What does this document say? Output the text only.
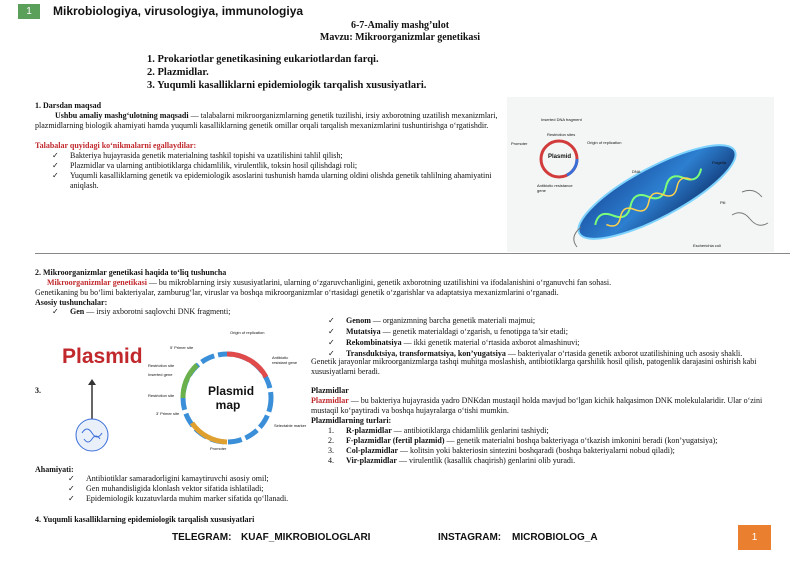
1	Mikrobiologiya, virusologiya, immunologiya
6-7-Amaliy mashg’ulot
Mavzu: Mikroorganizmlar genetikasi
1. Prokariotlar genetikasining eukariotlardan farqi.
2. Plazmidlar.
3. Yuqumli kasalliklarni epidemiologik tarqalish xususiyatlari.
1. Darsdan maqsad
Ushbu amaliy mashg‘ulotning maqsadi — talabalarni mikroorganizmlarning genetik tuzilishi, irsiy axborotning uzatilish mexanizmlari, plazmidlarning biologik ahamiyati hamda yuqumli kasalliklarning genetik omillar orqali tarqalish mexanizmlarini tushuntirishga o‘rgatishdir.
Talabalar quyidagi ko‘nikmalarni egallaydilar:
✓ Bakteriya hujayrasida genetik materialning tashkil topishi va uzatilishini tahlil qilish;
✓ Plazmidlar va ularning antibiotiklarga chidamlilik, virulentlik, toksin hosil qilishdagi roli;
✓ Yuqumli kasalliklarning genetik va epidemiologik asoslarini tushunish hamda ularning oldini olishda genetik tahlilning ahamiyatini aniqlash.
Inserted DNA fragment
Restriction sites
Origin of replication
Plasmid
Promoter
Antibiotic resistance gene
DNA
Flagella
Pili
Escherichia coli
2. Mikroorganizmlar genetikasi haqida to‘liq tushuncha
Mikroorganizmlar genetikasi — bu mikroblarning irsiy xususiyatlarini, ularning o‘zgaruvchanligini, genetik axborotning uzatilishini va ifodalanishini o‘rganuvchi fan sohasi.
Genetikaning bu bo‘limi bakteriyalar, zamburug‘lar, viruslar va boshqa mikroorganizmlar o‘rtasidagi genetik o‘zgarishlar va adaptatsiya mexanizmlarini o‘rganadi.
Asosiy tushunchalar:
✓ Gen — irsiy axborotni saqlovchi DNK fragmenti;
✓ Genom — organizmning barcha genetik materiali majmui;
✓ Mutatsiya — genetik materialdagi o‘zgarish, u fenotipga ta’sir etadi;
✓ Rekombinatsiya — ikki genetik material o‘rtasida axborot almashinuvi;
✓ Transduktsiya, transformatsiya, kon’yugatsiya — bakteriyalar o‘rtasida genetik axborot uzatilishining uch asosiy shakli.
Genetik jarayonlar mikroorganizmlarga tashqi muhitga moslashish, antibiotiklarga qarshilik hosil qilish, patogenlik darajasini oshirish kabi xususiyatlarni beradi.
3.
Plasmid
Plasmid
map
Origin of replication
5' Primer site
Restriction site
Inserted gene
Restriction site
3' Primer site
Antibiotic resistant gene
Selectable marker
Promoter
Plazmidlar
Plazmidlar — bu bakteriya hujayrasida yadro DNKdan mustaqil holda mavjud bo‘lgan kichik halqasimon DNK molekulalaridir. Ular o‘zini mustaqil ko‘paytiradi va boshqa hujayralarga o‘tishi mumkin.
Plazmidlarning turlari:
1. R-plazmidlar — antibiotiklarga chidamlilik genlarini tashiydi;
2. F-plazmidlar (fertil plazmid) — genetik materialni boshqa bakteriyaga o‘tkazish imkonini beradi (kon’yugatsiya);
3. Col-plazmidlar — kolitsin yoki bakteriosin sintezini boshqaradi (boshqa bakteriyalarni nobud qiladi);
4. Vir-plazmidlar — virulentlik (kasallik chaqirish) genlarini olib yuradi.
Ahamiyati:
✓ Antibiotiklar samaradorligini kamaytiruvchi asosiy omil;
✓ Gen muhandisligida klonlash vektor sifatida ishlatiladi;
✓ Epidemiologik kuzatuvlarda muhim marker sifatida qo‘llanadi.
4. Yuqumli kasalliklarning epidemiologik tarqalish xususiyatlari
TELEGRAM: KUAF_MIKROBIOLOGLARI	INSTAGRAM: MICROBIOLOG_A	1
